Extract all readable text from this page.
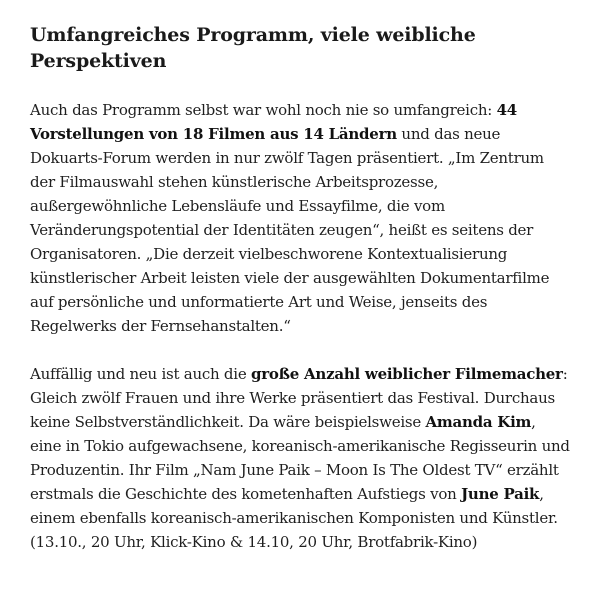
Umfangreiches Programm, viele weibliche Perspektiven

Auch das Programm selbst war wohl noch nie so umfangreich: 44 Vorstellungen von 18 Filmen aus 14 Ländern und das neue Dokuarts-Forum werden in nur zwölf Tagen präsentiert. „Im Zentrum der Filmauswahl stehen künstlerische Arbeitsprozesse, außergewöhnliche Lebensläufe und Essayfilme, die vom Veränderungspotential der Identitäten zeugen“, heißt es seitens der Organisatoren. „Die derzeit vielbeschworene Kontextualisierung künstlerischer Arbeit leisten viele der ausgewählten Dokumentarfilme auf persönliche und unformatierte Art und Weise, jenseits des Regelwerks der Fernsehanstalten.“

Auffällig und neu ist auch die große Anzahl weiblicher Filmemacher: Gleich zwölf Frauen und ihre Werke präsentiert das Festival. Durchaus keine Selbstverständlichkeit. Da wäre beispielsweise Amanda Kim, eine in Tokio aufgewachsene, koreanisch-amerikanische Regisseurin und Produzentin. Ihr Film „Nam June Paik – Moon Is The Oldest TV“ erzählt erstmals die Geschichte des kometenhaften Aufstiegs von June Paik, einem ebenfalls koreanisch-amerikanischen Komponisten und Künstler. (13.10., 20 Uhr, Klick-Kino & 14.10, 20 Uhr, Brotfabrik-Kino)
